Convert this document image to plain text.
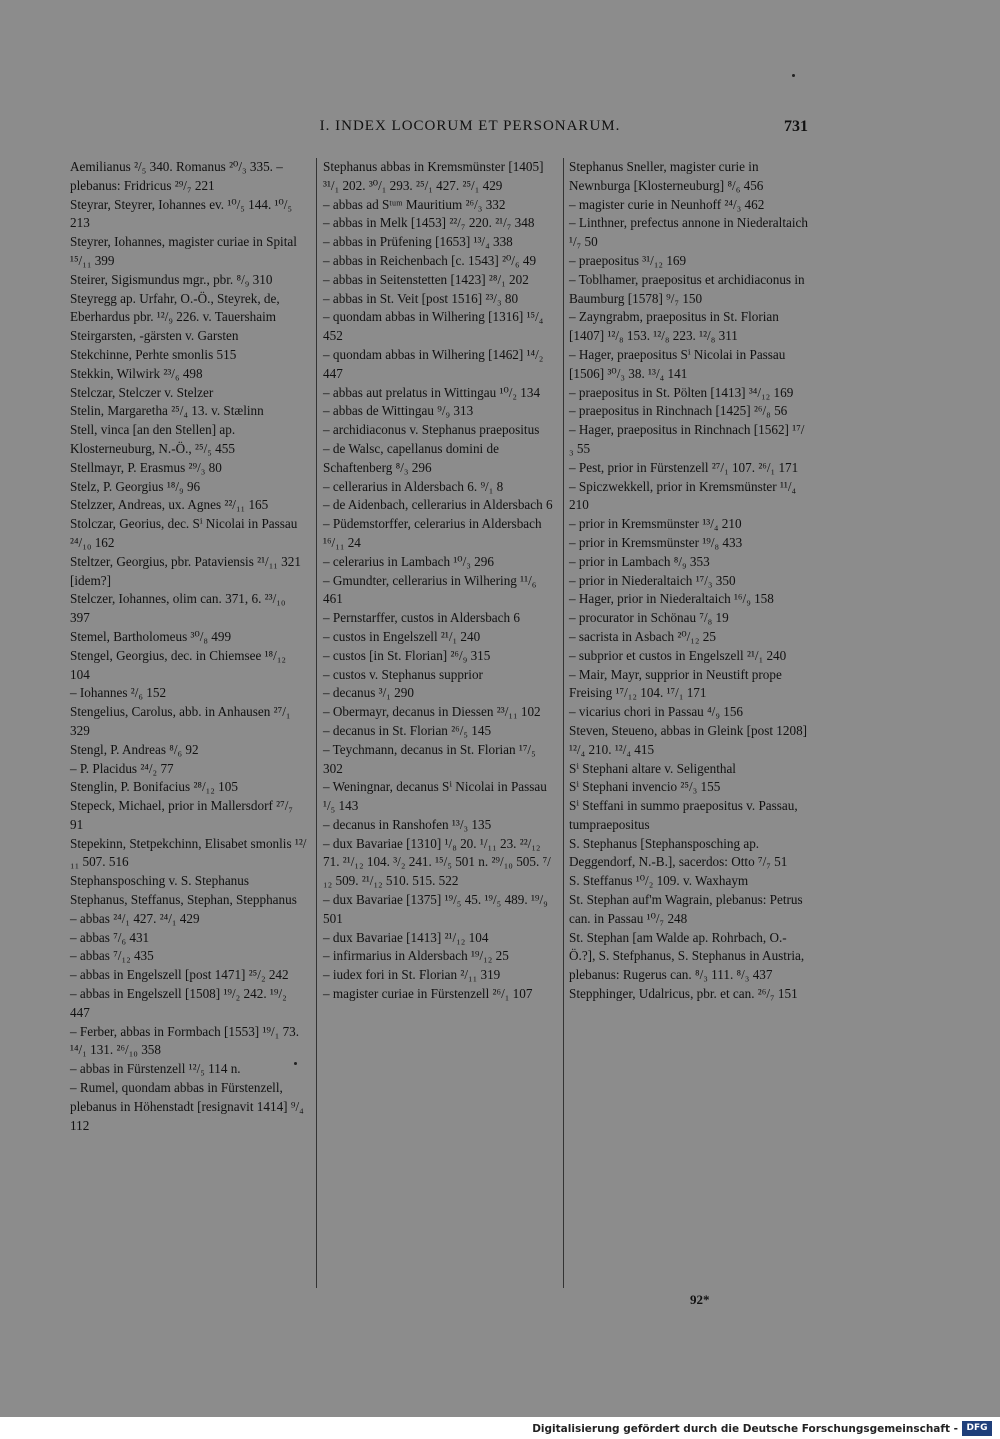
I. INDEX LOCORUM ET PERSONARUM.	731

Aemilianus ²/₅ 340. Romanus ²⁰/₃ 335. – plebanus: Fridricus ²⁹/₇ 221

Steyrar, Steyrer, Iohannes ev. ¹⁰/₅ 144. ¹⁰/₅ 213

Steyrer, Iohannes, magister curiae in Spital ¹⁵/₁₁ 399

Steirer, Sigismundus mgr., pbr. ⁸/₉ 310

Steyregg ap. Urfahr, O.-Ö., Steyrek, de, Eberhardus pbr. ¹²/₉ 226. v. Tauershaim

Steirgarsten, -gärsten v. Garsten

Stekchinne, Perhte smonlis 515

Stekkin, Wilwirk ²³/₆ 498

Stelczar, Stelczer v. Stelzer

Stelin, Margaretha ²⁵/₄ 13. v. Stælinn

Stell, vinca [an den Stellen] ap. Klosterneuburg, N.-Ö., ²⁵/₅ 455

Stellmayr, P. Erasmus ²⁹/₃ 80

Stelz, P. Georgius ¹⁸/₉ 96

Stelzzer, Andreas, ux. Agnes ²²/₁₁ 165

Stolczar, Georius, dec. Sⁱ Nicolai in Passau ²⁴/₁₀ 162

Steltzer, Georgius, pbr. Pataviensis ²¹/₁₁ 321 [idem?]

Stelczer, Iohannes, olim can. 371, 6. ²³/₁₀ 397

Stemel, Bartholomeus ³⁰/₈ 499

Stengel, Georgius, dec. in Chiemsee ¹⁸/₁₂ 104

– Iohannes ²/₆ 152

Stengelius, Carolus, abb. in Anhausen ²⁷/₁ 329

Stengl, P. Andreas ⁸/₆ 92

– P. Placidus ²⁴/₂ 77

Stenglin, P. Bonifacius ²⁸/₁₂ 105

Stepeck, Michael, prior in Mallersdorf ²⁷/₇ 91

Stepekinn, Stetpekchinn, Elisabet smonlis ¹²/₁₁ 507. 516

Stephansposching v. S. Stephanus

Stephanus, Steffanus, Stephan, Stepphanus

– abbas ²⁴/₁ 427. ²⁴/₁ 429

– abbas ⁷/₆ 431

– abbas ⁷/₁₂ 435

– abbas in Engelszell [post 1471] ²⁵/₂ 242

– abbas in Engelszell [1508] ¹⁹/₂ 242. ¹⁹/₂ 447

– Ferber, abbas in Formbach [1553] ¹⁹/₁ 73. ¹⁴/₁ 131. ²⁶/₁₀ 358

– abbas in Fürstenzell ¹²/₅ 114 n.

– Rumel, quondam abbas in Fürstenzell, plebanus in Höhenstadt [resignavit 1414] ⁹/₄ 112

Stephanus abbas in Kremsmünster [1405] ³¹/₁ 202. ³⁰/₁ 293. ²⁵/₁ 427. ²⁵/₁ 429

– abbas ad Sᵗᵘᵐ Mauritium ²⁶/₃ 332

– abbas in Melk [1453] ²²/₇ 220. ²¹/₇ 348

– abbas in Prüfening [1653] ¹³/₄ 338

– abbas in Reichenbach [c. 1543] ²⁰/₆ 49

– abbas in Seitenstetten [1423] ²⁸/₁ 202

– abbas in St. Veit [post 1516] ²³/₃ 80

– quondam abbas in Wilhering [1316] ¹⁵/₄ 452

– quondam abbas in Wilhering [1462] ¹⁴/₂ 447

– abbas aut prelatus in Wittingau ¹⁰/₂ 134

– abbas de Wittingau ⁹/₉ 313

– archidiaconus v. Stephanus praepositus

– de Walsc, capellanus domini de Schaftenberg ⁸/₃ 296

– cellerarius in Aldersbach 6. ⁹/₁ 8

– de Aidenbach, cellerarius in Aldersbach 6

– Püdemstorffer, celerarius in Aldersbach ¹⁶/₁₁ 24

– celerarius in Lambach ¹⁰/₃ 296

– Gmundter, cellerarius in Wilhering ¹¹/₆ 461

– Pernstarffer, custos in Aldersbach 6

– custos in Engelszell ²¹/₁ 240

– custos [in St. Florian] ²⁶/₉ 315

– custos v. Stephanus supprior

– decanus ³/₁ 290

– Obermayr, decanus in Diessen ²³/₁₁ 102

– decanus in St. Florian ²⁶/₅ 145

– Teychmann, decanus in St. Florian ¹⁷/₅ 302

– Weningnar, decanus Sⁱ Nicolai in Passau ¹/₅ 143

– decanus in Ranshofen ¹³/₃ 135

– dux Bavariae [1310] ¹/₈ 20. ¹/₁₁ 23. ²²/₁₂ 71. ²¹/₁₂ 104. ³/₂ 241. ¹⁵/₅ 501 n. ²⁹/₁₀ 505. ⁷/₁₂ 509. ²¹/₁₂ 510. 515. 522

– dux Bavariae [1375] ¹⁹/₅ 45. ¹⁹/₅ 489. ¹⁹/₉ 501

– dux Bavariae [1413] ²¹/₁₂ 104

– infirmarius in Aldersbach ¹⁹/₁₂ 25

– iudex fori in St. Florian ²/₁₁ 319

– magister curiae in Fürstenzell ²⁶/₁ 107

Stephanus Sneller, magister curie in Newnburga [Klosterneuburg] ⁸/₆ 456

– magister curie in Neunhoff ²⁴/₃ 462

– Linthner, prefectus annone in Niederaltaich ¹/₇ 50

– praepositus ³¹/₁₂ 169

– Toblhamer, praepositus et archidiaconus in Baumburg [1578] ⁹/₇ 150

– Zayngrabm, praepositus in St. Florian [1407] ¹²/₈ 153. ¹²/₈ 223. ¹²/₈ 311

– Hager, praepositus Sⁱ Nicolai in Passau [1506] ³⁰/₃ 38. ¹³/₄ 141

– praepositus in St. Pölten [1413] ³⁴/₁₂ 169

– praepositus in Rinchnach [1425] ²⁶/₈ 56

– Hager, praepositus in Rinchnach [1562] ¹⁷/₃ 55

– Pest, prior in Fürstenzell ²⁷/₁ 107. ²⁶/₁ 171

– Spiczwekkell, prior in Kremsmünster ¹¹/₄ 210

– prior in Kremsmünster ¹³/₄ 210

– prior in Kremsmünster ¹⁹/₈ 433

– prior in Lambach ⁸/₉ 353

– prior in Niederaltaich ¹⁷/₃ 350

– Hager, prior in Niederaltaich ¹⁶/₉ 158

– procurator in Schönau ⁷/₈ 19

– sacrista in Asbach ²⁰/₁₂ 25

– subprior et custos in Engelszell ²¹/₁ 240

– Mair, Mayr, supprior in Neustift prope Freising ¹⁷/₁₂ 104. ¹⁷/₁ 171

– vicarius chori in Passau ⁴/₉ 156

Steven, Steueno, abbas in Gleink [post 1208] ¹²/₄ 210. ¹²/₄ 415

Sⁱ Stephani altare v. Seligenthal

Sⁱ Stephani invencio ²⁵/₃ 155

Sⁱ Steffani in summo praepositus v. Passau, tumpraepositus

S. Stephanus [Stephansposching ap. Deggendorf, N.-B.], sacerdos: Otto ⁷/₇ 51

S. Steffanus ¹⁰/₂ 109. v. Waxhaym

St. Stephan auf'm Wagrain, plebanus: Petrus can. in Passau ¹⁰/₇ 248

St. Stephan [am Walde ap. Rohrbach, O.-Ö.?], S. Stefphanus, S. Stephanus in Austria, plebanus: Rugerus can. ⁸/₃ 111. ⁸/₃ 437

Stepphinger, Udalricus, pbr. et can. ²⁶/₇ 151

92*
Digitalisierung gefördert durch die Deutsche Forschungsgemeinschaft - DFG
